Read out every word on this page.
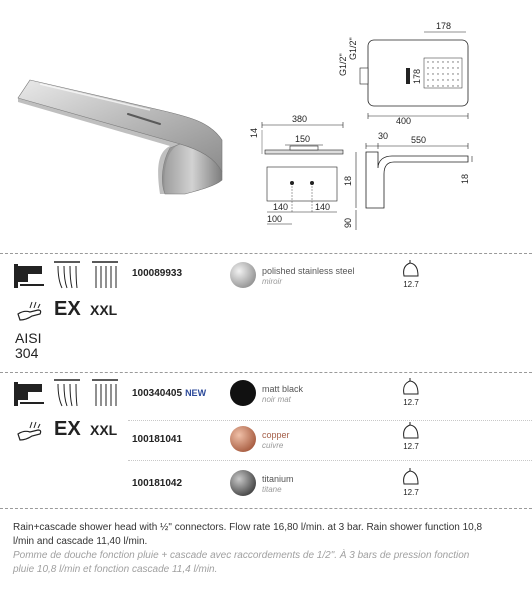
380
150
14
140	140
100
30	550
18
90
18
G1/2"
G1/2"
178
178
400
EX XXL
AISI
304
100089933	polished stainless steel
miroir	12.7
EX XXL
100340405 NEW	matt black
noir mat	12.7
100181041	copper
cuivre	12.7
100181042	titanium
titane	12.7
Rain+cascade shower head with ½" connectors. Flow rate 16,80 l/min. at 3 bar. Rain shower function 10,8 l/min and cascade 11,40 l/min.
Pomme de douche fonction pluie + cascade avec raccordements de 1/2". À 3 bars de pression fonction pluie 10,8 l/min et fonction cascade 11,4 l/min.
